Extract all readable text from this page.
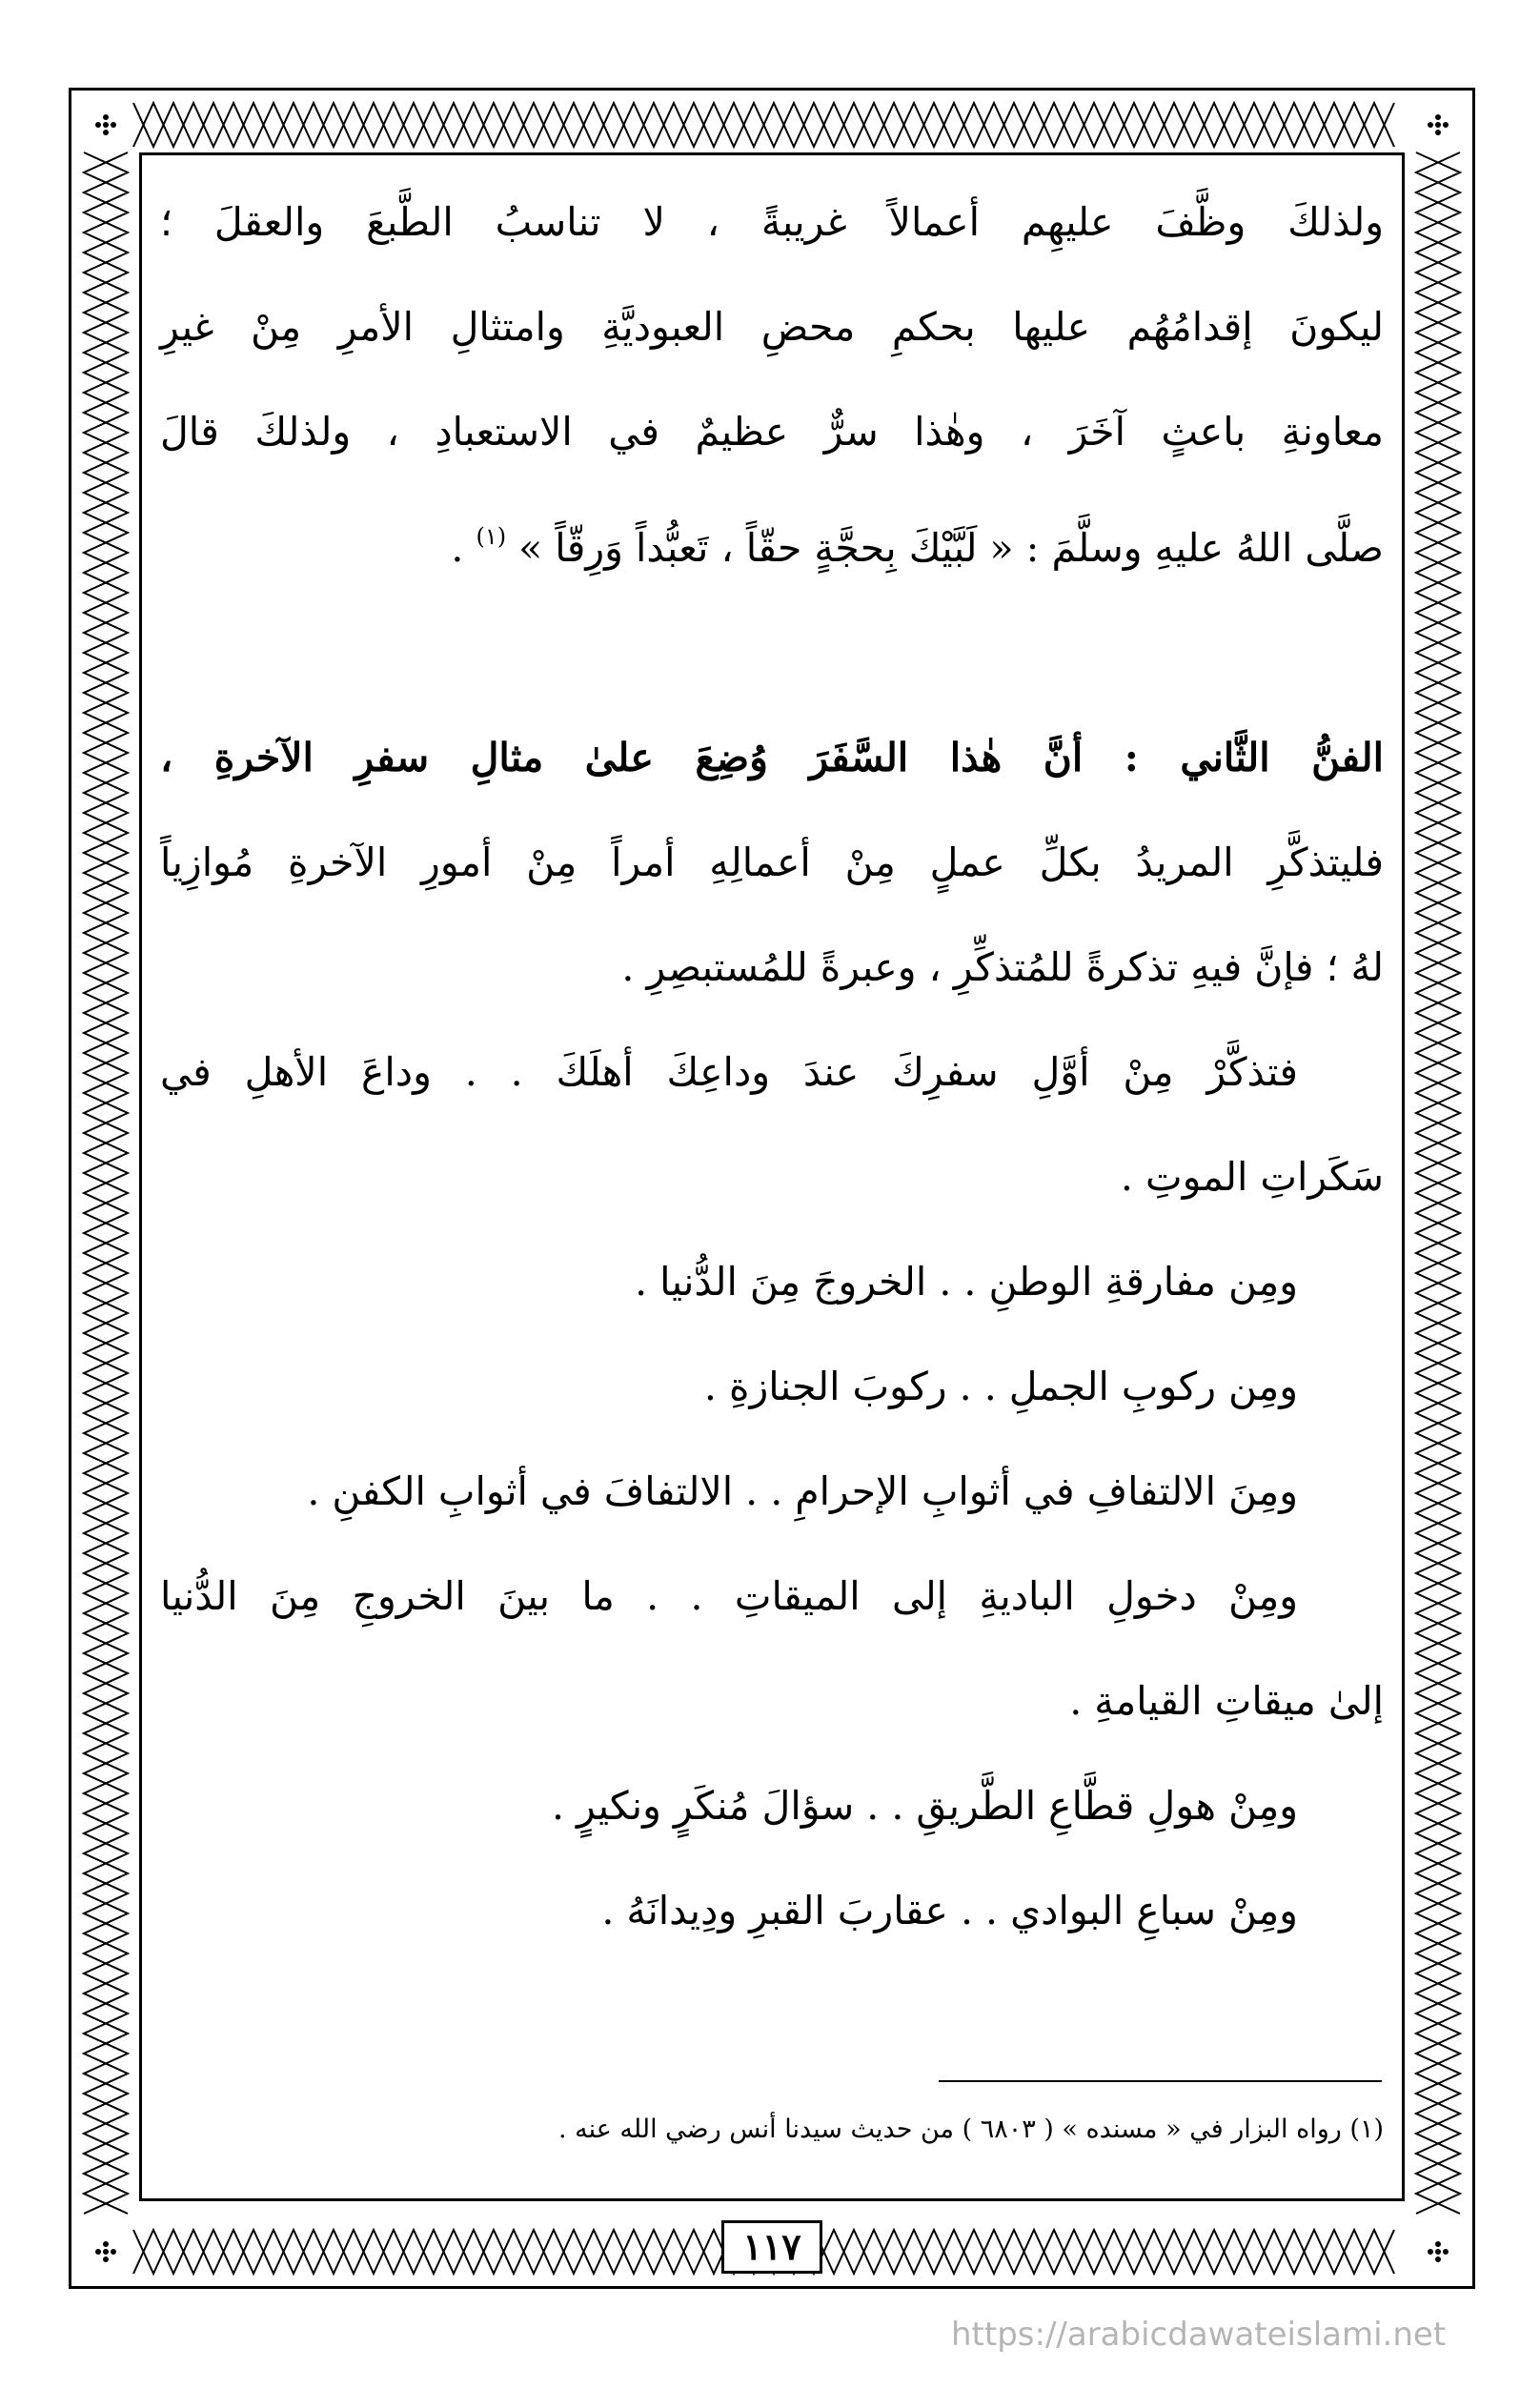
ولذلكَ وظَّفَ عليهِم أعمالاً غريبةً ، لا تناسبُ الطَّبعَ والعقلَ ؛

ليكونَ إقدامُهُم عليها بحكمِ محضِ العبوديَّةِ وامتثالِ الأمرِ مِنْ غيرِ

معاونةِ باعثٍ آخَرَ ، وهٰذا سرٌّ عظيمٌ في الاستعبادِ ، ولذلكَ قالَ

صلَّى اللهُ عليهِ وسلَّمَ : « لَبَّيْكَ بِحجَّةٍ حقّاً ، تَعبُّداً وَرِقّاً » $^{(١)}$ .

الفنُّ الثَّاني : أنَّ هٰذا السَّفَرَ وُضِعَ علىٰ مثالِ سفرِ الآخرةِ ،

فليتذكَّرِ المريدُ بكلِّ عملٍ مِنْ أعمالِهِ أمراً مِنْ أمورِ الآخرةِ مُوازِياً

لهُ ؛ فإنَّ فيهِ تذكرةً للمُتذكِّرِ ، وعبرةً للمُستبصِرِ .

فتذكَّرْ مِنْ أوَّلِ سفرِكَ عندَ وداعِكَ أهلَكَ . . وداعَ الأهلِ في

سَكَراتِ الموتِ .

ومِن مفارقةِ الوطنِ . . الخروجَ مِنَ الدُّنيا .

ومِن ركوبِ الجملِ . . ركوبَ الجنازةِ .

ومِنَ الالتفافِ في أثوابِ الإحرامِ . . الالتفافَ في أثوابِ الكفنِ .

ومِنْ دخولِ الباديةِ إلى الميقاتِ . . ما بينَ الخروجِ مِنَ الدُّنيا

إلىٰ ميقاتِ القيامةِ .

ومِنْ هولِ قطَّاعِ الطَّريقِ . . سؤالَ مُنكَرٍ ونكيرٍ .

ومِنْ سباعِ البوادي . . عقاربَ القبرِ ودِيدانَهُ .

(١) رواه البزار في « مسنده » ( ٦٨٠٣ ) من حديث سيدنا أنس رضي الله عنه .
١١٧
https://arabicdawateislami.net
